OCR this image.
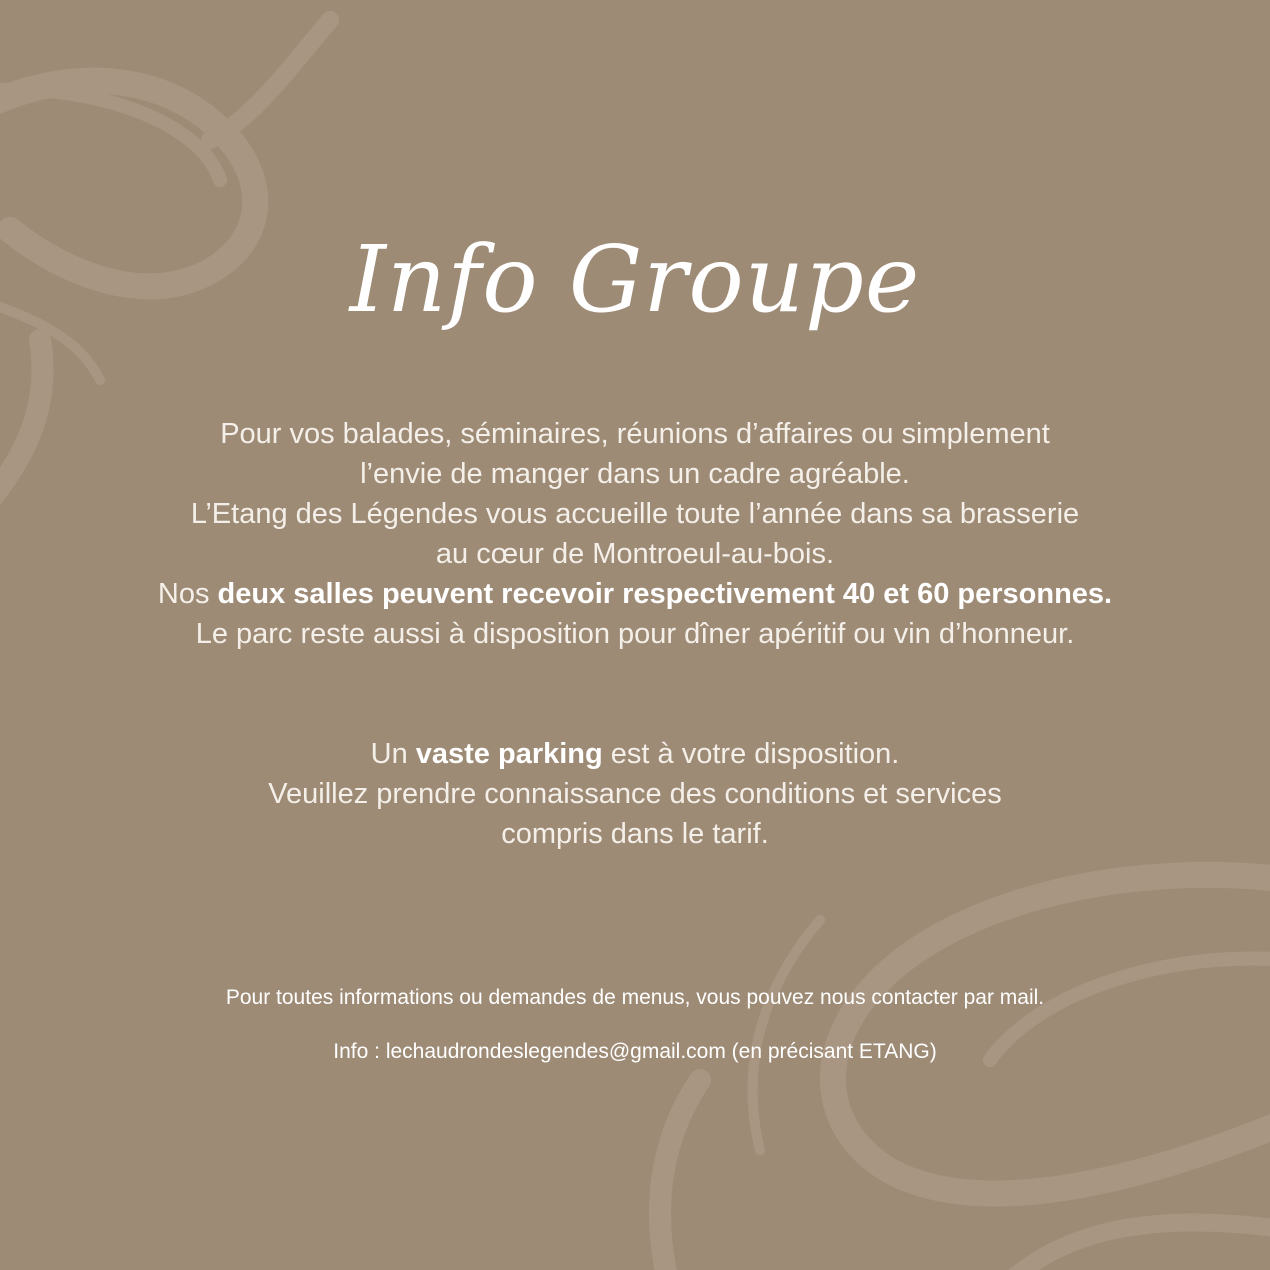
Info Groupe
Pour vos balades, séminaires, réunions d’affaires ou simplement
l’envie de manger dans un cadre agréable.
L’Etang des Légendes vous accueille toute l’année dans sa brasserie
au cœur de Montroeul-au-bois.
Nos deux salles peuvent recevoir respectivement 40 et 60 personnes.
Le parc reste aussi à disposition pour dîner apéritif ou vin d’honneur.
Un vaste parking est à votre disposition.
Veuillez prendre connaissance des conditions et services
compris dans le tarif.
Pour toutes informations ou demandes de menus, vous pouvez nous contacter par mail.
Info : lechaudrondeslegendes@gmail.com (en précisant ETANG)
